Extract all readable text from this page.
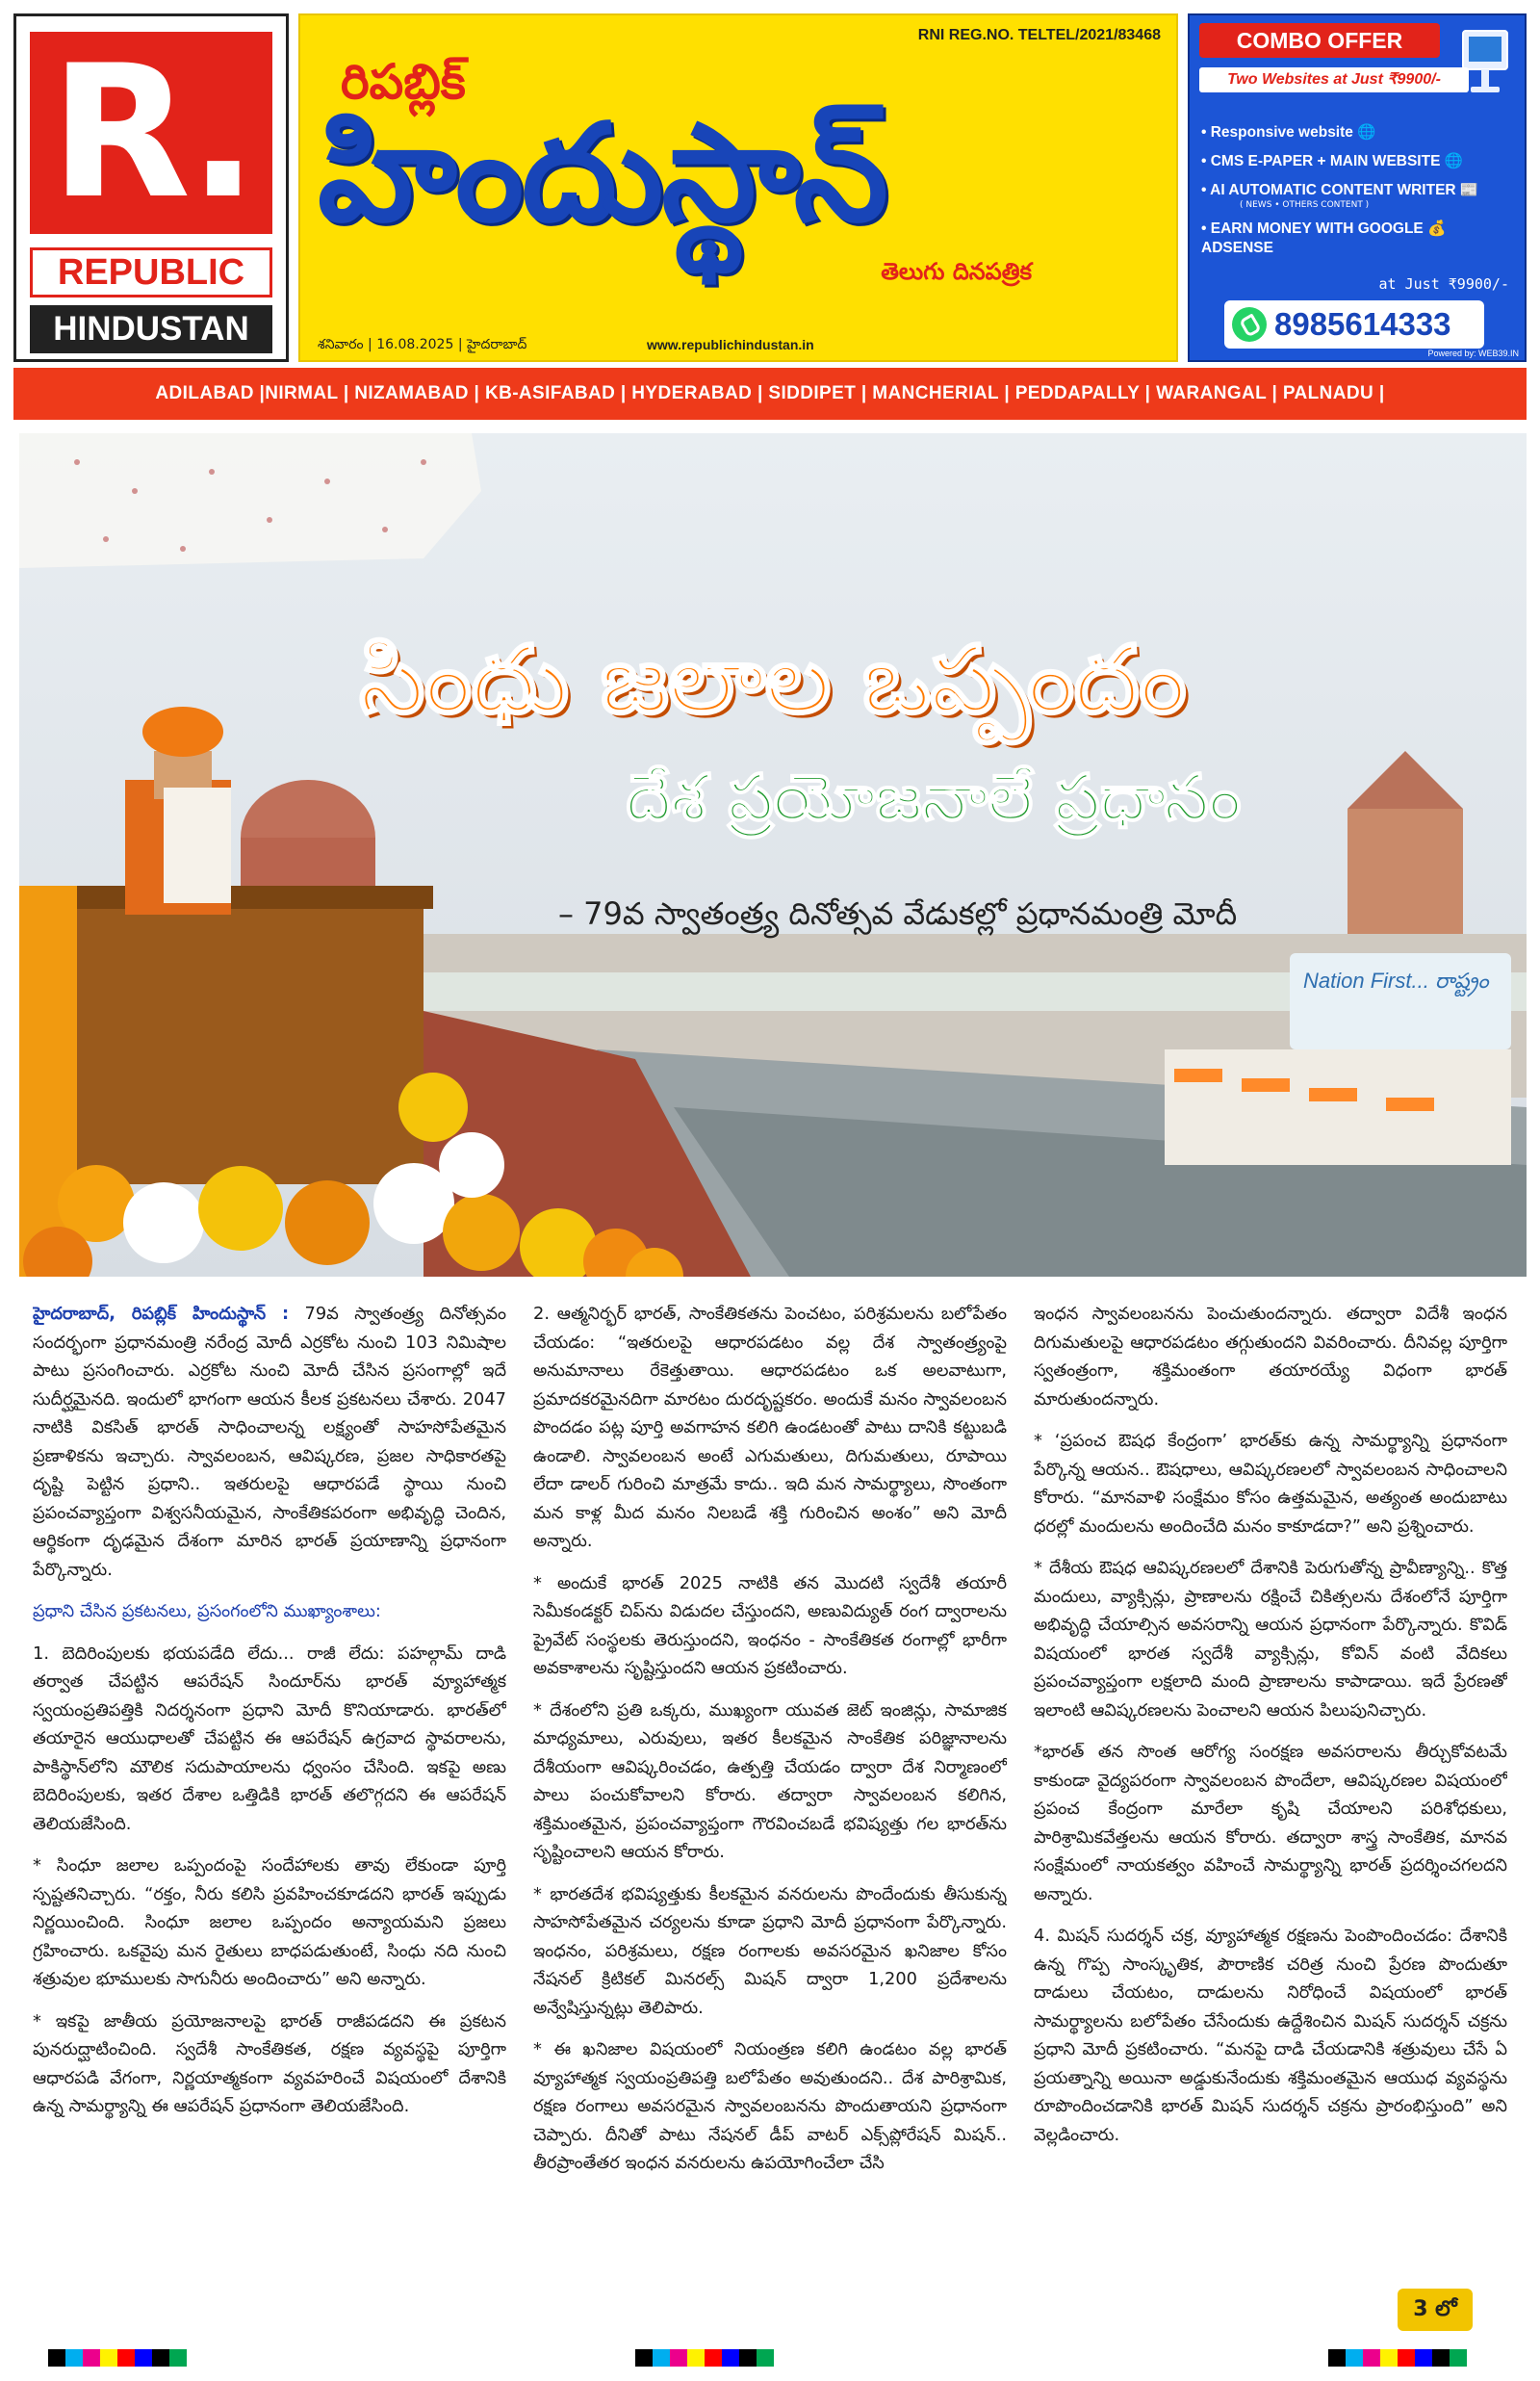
R.
REPUBLIC
HINDUSTAN
RNI REG.NO. TELTEL/2021/83468
రిపబ్లిక్
హిందుస్థాన్
తెలుగు దినపత్రిక
శనివారం | 16.08.2025 | హైదరాబాద్	www.republichindustan.in
COMBO OFFER
Two Websites at Just ₹9900/-
• Responsive website 🌐
• CMS E-PAPER + MAIN WEBSITE 🌐
• AI AUTOMATIC CONTENT WRITER 📰
( NEWS • OTHERS CONTENT )
• EARN MONEY WITH GOOGLE 💰 ADSENSE
at Just ₹9900/-
8985614333
Powered by: WEB39.IN
ADILABAD |NIRMAL | NIZAMABAD | KB-ASIFABAD | HYDERABAD | SIDDIPET | MANCHERIAL | PEDDAPALLY | WARANGAL | PALNADU |
సింధు జలాల ఒప్పందం
దేశ ప్రయోజనాలే ప్రధానం
– 79వ స్వాతంత్ర్య దినోత్సవ వేడుకల్లో ప్రధానమంత్రి మోదీ
Nation First... రాష్ట్రం

హైదరాబాద్, రిపబ్లిక్ హిందుస్థాన్ : 79వ స్వాతంత్ర్య దినోత్సవం సందర్భంగా ప్రధానమంత్రి నరేంద్ర మోదీ ఎర్రకోట నుంచి 103 నిమిషాల పాటు ప్రసంగించారు. ఎర్రకోట నుంచి మోదీ చేసిన ప్రసంగాల్లో ఇదే సుదీర్ఘమైనది. ఇందులో భాగంగా ఆయన కీలక ప్రకటనలు చేశారు. 2047 నాటికి వికసిత్ భారత్ సాధించాలన్న లక్ష్యంతో సాహసోపేతమైన ప్రణాళికను ఇచ్చారు. స్వావలంబన, ఆవిష్కరణ, ప్రజల సాధికారతపై దృష్టి పెట్టిన ప్రధాని.. ఇతరులపై ఆధారపడే స్థాయి నుంచి ప్రపంచవ్యాప్తంగా విశ్వసనీయమైన, సాంకేతికపరంగా అభివృద్ధి చెందిన, ఆర్థికంగా దృఢమైన దేశంగా మారిన భారత్ ప్రయాణాన్ని ప్రధానంగా పేర్కొన్నారు.

ప్రధాని చేసిన ప్రకటనలు, ప్రసంగంలోని ముఖ్యాంశాలు:

1. బెదిరింపులకు భయపడేది లేదు... రాజీ లేదు: పహల్గామ్ దాడి తర్వాత చేపట్టిన ఆపరేషన్ సిందూర్‌ను భారత్ వ్యూహాత్మక స్వయంప్రతిపత్తికి నిదర్శనంగా ప్రధాని మోదీ కొనియాడారు. భారత్‌లో తయారైన ఆయుధాలతో చేపట్టిన ఈ ఆపరేషన్ ఉగ్రవాద స్థావరాలను, పాకిస్థాన్‌లోని మౌలిక సదుపాయాలను ధ్వంసం చేసింది. ఇకపై అణు బెదిరింపులకు, ఇతర దేశాల ఒత్తిడికి భారత్ తలొగ్గదని ఈ ఆపరేషన్ తెలియజేసింది.

* సింధూ జలాల ఒప్పందంపై సందేహాలకు తావు లేకుండా పూర్తి స్పష్టతనిచ్చారు. “రక్తం, నీరు కలిసి ప్రవహించకూడదని భారత్ ఇప్పుడు నిర్ణయించింది. సింధూ జలాల ఒప్పందం అన్యాయమని ప్రజలు గ్రహించారు. ఒకవైపు మన రైతులు బాధపడుతుంటే, సింధు నది నుంచి శత్రువుల భూములకు సాగునీరు అందించారు” అని అన్నారు.

* ఇకపై జాతీయ ప్రయోజనాలపై భారత్ రాజీపడదని ఈ ప్రకటన పునరుద్ఘాటించింది. స్వదేశీ సాంకేతికత, రక్షణ వ్యవస్థపై పూర్తిగా ఆధారపడి వేగంగా, నిర్ణయాత్మకంగా వ్యవహరించే విషయంలో దేశానికి ఉన్న సామర్థ్యాన్ని ఈ ఆపరేషన్ ప్రధానంగా తెలియజేసింది.

2. ఆత్మనిర్భర్ భారత్, సాంకేతికతను పెంచటం, పరిశ్రమలను బలోపేతం చేయడం: “ఇతరులపై ఆధారపడటం వల్ల దేశ స్వాతంత్ర్యంపై అనుమానాలు రేకెత్తుతాయి. ఆధారపడటం ఒక అలవాటుగా, ప్రమాదకరమైనదిగా మారటం దురదృష్టకరం. అందుకే మనం స్వావలంబన పొందడం పట్ల పూర్తి అవగాహన కలిగి ఉండటంతో పాటు దానికి కట్టుబడి ఉండాలి. స్వావలంబన అంటే ఎగుమతులు, దిగుమతులు, రూపాయి లేదా డాలర్ గురించి మాత్రమే కాదు.. ఇది మన సామర్థ్యాలు, సొంతంగా మన కాళ్ల మీద మనం నిలబడే శక్తి గురించిన అంశం” అని మోదీ అన్నారు.

* అందుకే భారత్ 2025 నాటికి తన మొదటి స్వదేశీ తయారీ సెమీకండక్టర్ చిప్‌ను విడుదల చేస్తుందని, అణువిద్యుత్ రంగ ద్వారాలను ప్రైవేట్ సంస్థలకు తెరుస్తుందని, ఇంధనం - సాంకేతికత రంగాల్లో భారీగా అవకాశాలను సృష్టిస్తుందని ఆయన ప్రకటించారు.

* దేశంలోని ప్రతి ఒక్కరు, ముఖ్యంగా యువత జెట్ ఇంజిన్లు, సామాజిక మాధ్యమాలు, ఎరువులు, ఇతర కీలకమైన సాంకేతిక పరిజ్ఞానాలను దేశీయంగా ఆవిష్కరించడం, ఉత్పత్తి చేయడం ద్వారా దేశ నిర్మాణంలో పాలు పంచుకోవాలని కోరారు. తద్వారా స్వావలంబన కలిగిన, శక్తిమంతమైన, ప్రపంచవ్యాప్తంగా గౌరవించబడే భవిష్యత్తు గల భారత్‌ను సృష్టించాలని ఆయన కోరారు.

* భారతదేశ భవిష్యత్తుకు కీలకమైన వనరులను పొందేందుకు తీసుకున్న సాహసోపేతమైన చర్యలను కూడా ప్రధాని మోదీ ప్రధానంగా పేర్కొన్నారు. ఇంధనం, పరిశ్రమలు, రక్షణ రంగాలకు అవసరమైన ఖనిజాల కోసం నేషనల్ క్రిటికల్ మినరల్స్ మిషన్ ద్వారా 1,200 ప్రదేశాలను అన్వేషిస్తున్నట్లు తెలిపారు.

* ఈ ఖనిజాల విషయంలో నియంత్రణ కలిగి ఉండటం వల్ల భారత్ వ్యూహాత్మక స్వయంప్రతిపత్తి బలోపేతం అవుతుందని.. దేశ పారిశ్రామిక, రక్షణ రంగాలు అవసరమైన స్వావలంబనను పొందుతాయని ప్రధానంగా చెప్పారు. దీనితో పాటు నేషనల్ డీప్ వాటర్ ఎక్స్‌ప్లోరేషన్ మిషన్.. తీరప్రాంతేతర ఇంధన వనరులను ఉపయోగించేలా చేసి

ఇంధన స్వావలంబనను పెంచుతుందన్నారు. తద్వారా విదేశీ ఇంధన దిగుమతులపై ఆధారపడటం తగ్గుతుందని వివరించారు. దీనివల్ల పూర్తిగా స్వతంత్రంగా, శక్తిమంతంగా తయారయ్యే విధంగా భారత్ మారుతుందన్నారు.

* ‘ప్రపంచ ఔషధ కేంద్రంగా’ భారత్‌కు ఉన్న సామర్థ్యాన్ని ప్రధానంగా పేర్కొన్న ఆయన.. ఔషధాలు, ఆవిష్కరణలలో స్వావలంబన సాధించాలని కోరారు. “మానవాళి సంక్షేమం కోసం ఉత్తమమైన, అత్యంత అందుబాటు ధరల్లో మందులను అందించేది మనం కాకూడదా?” అని ప్రశ్నించారు.

* దేశీయ ఔషధ ఆవిష్కరణలలో దేశానికి పెరుగుతోన్న ప్రావీణ్యాన్ని.. కొత్త మందులు, వ్యాక్సిన్లు, ప్రాణాలను రక్షించే చికిత్సలను దేశంలోనే పూర్తిగా అభివృద్ధి చేయాల్సిన అవసరాన్ని ఆయన ప్రధానంగా పేర్కొన్నారు. కొవిడ్ విషయంలో భారత స్వదేశీ వ్యాక్సిన్లు, కోవిన్ వంటి వేదికలు ప్రపంచవ్యాప్తంగా లక్షలాది మంది ప్రాణాలను కాపాడాయి. ఇదే ప్రేరణతో ఇలాంటి ఆవిష్కరణలను పెంచాలని ఆయన పిలుపునిచ్చారు.

*భారత్ తన సొంత ఆరోగ్య సంరక్షణ అవసరాలను తీర్చుకోవటమే కాకుండా వైద్యపరంగా స్వావలంబన పొందేలా, ఆవిష్కరణల విషయంలో ప్రపంచ కేంద్రంగా మారేలా కృషి చేయాలని పరిశోధకులు, పారిశ్రామికవేత్తలను ఆయన కోరారు. తద్వారా శాస్త్ర సాంకేతిక, మానవ సంక్షేమంలో నాయకత్వం వహించే సామర్థ్యాన్ని భారత్ ప్రదర్శించగలదని అన్నారు.

4. మిషన్ సుదర్శన్ చక్ర, వ్యూహాత్మక రక్షణను పెంపొందించడం: దేశానికి ఉన్న గొప్ప సాంస్కృతిక, పౌరాణిక చరిత్ర నుంచి ప్రేరణ పొందుతూ దాడులు చేయటం, దాడులను నిరోధించే విషయంలో భారత్ సామర్థ్యాలను బలోపేతం చేసేందుకు ఉద్దేశించిన మిషన్ సుదర్శన్ చక్రను ప్రధాని మోదీ ప్రకటించారు. “మనపై దాడి చేయడానికి శత్రువులు చేసే ఏ ప్రయత్నాన్ని అయినా అడ్డుకునేందుకు శక్తిమంతమైన ఆయుధ వ్యవస్థను రూపొందించడానికి భారత్ మిషన్ సుదర్శన్ చక్రను ప్రారంభిస్తుంది” అని వెల్లడించారు.

3 లో
